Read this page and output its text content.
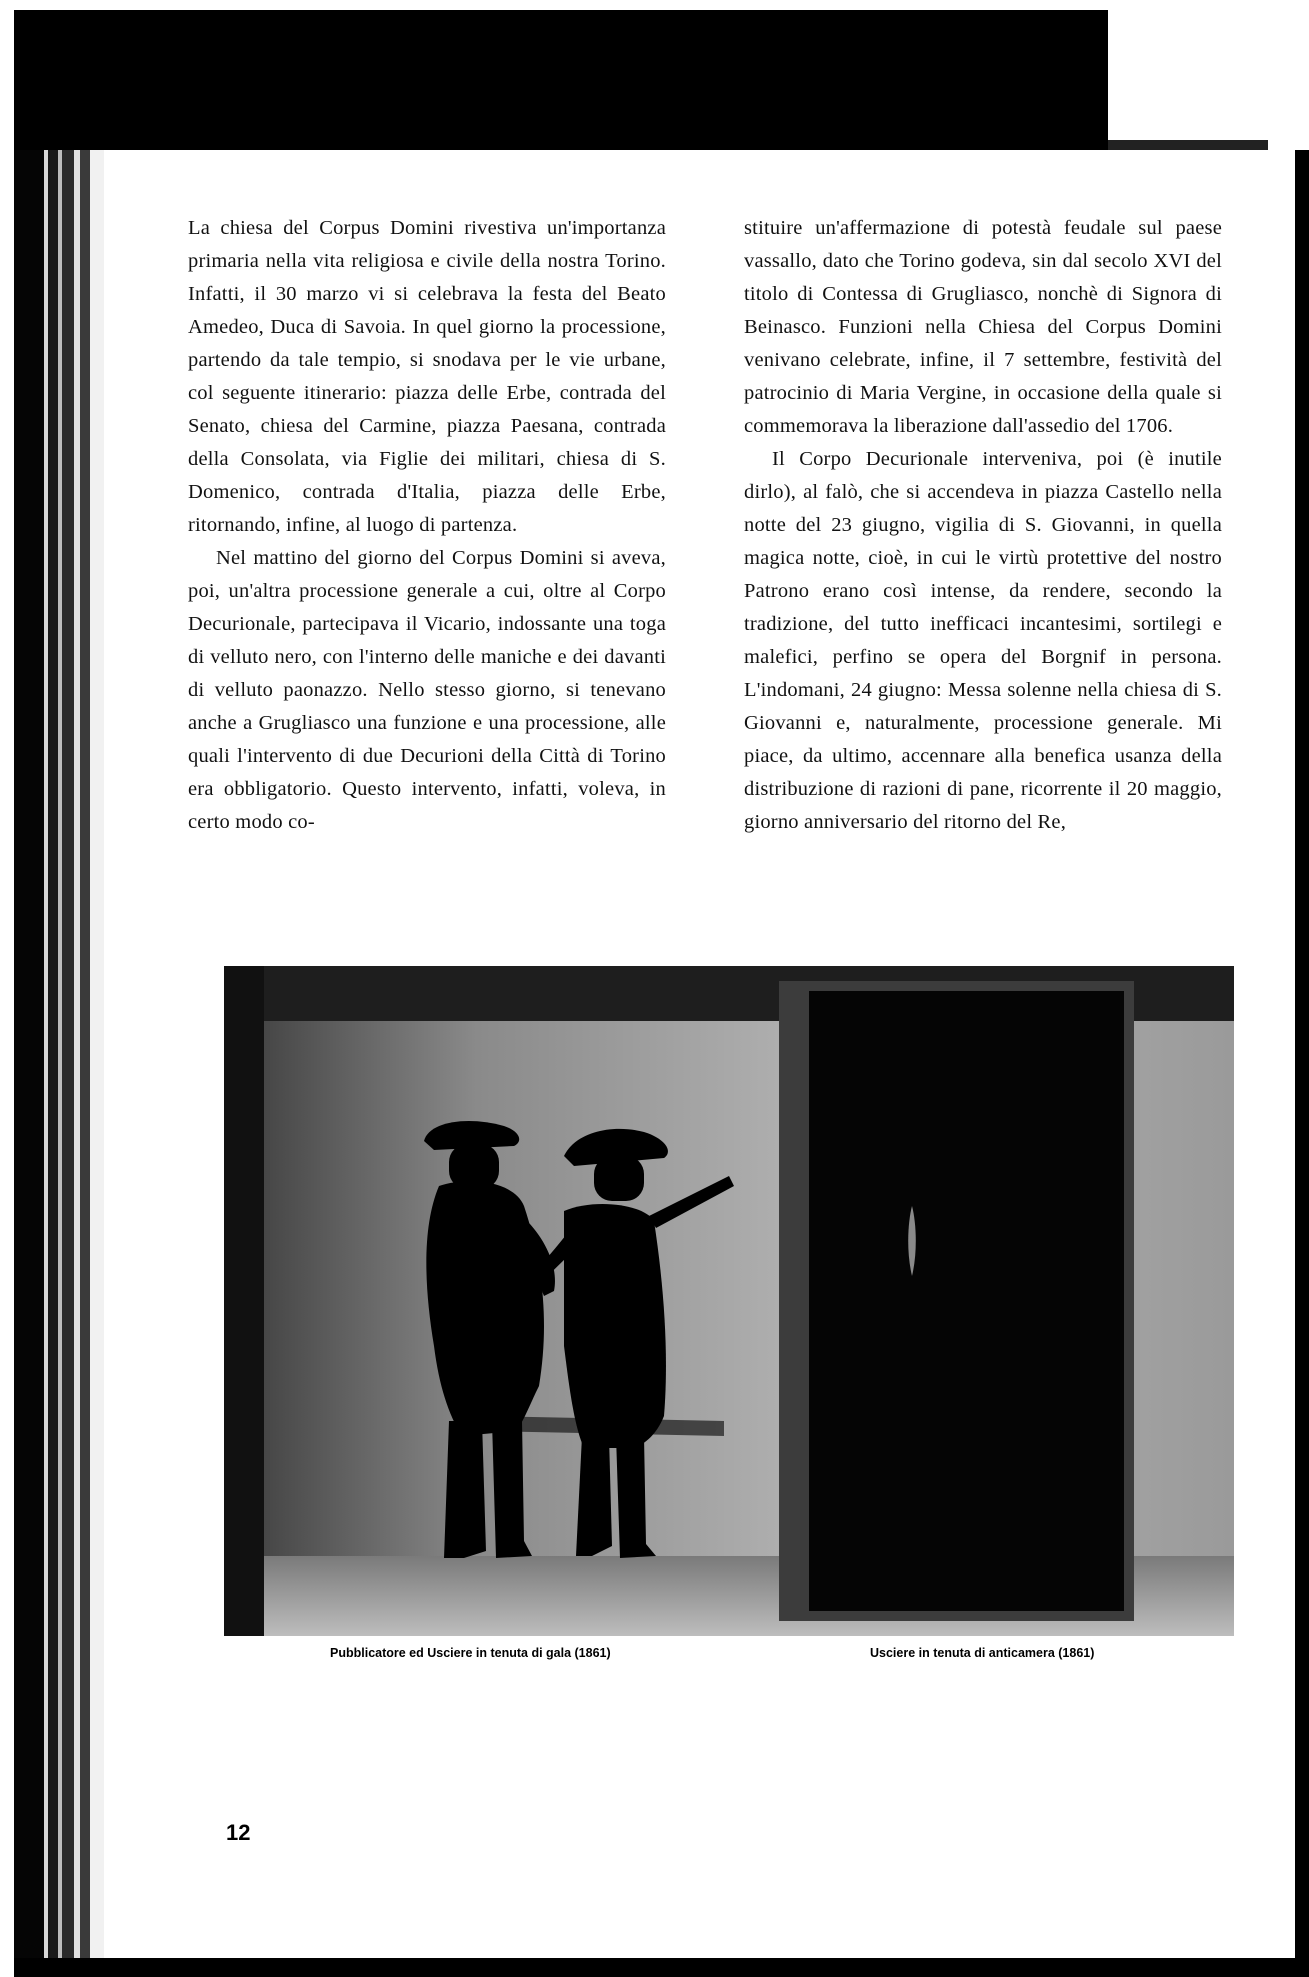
La chiesa del Corpus Domini rivestiva un'importanza primaria nella vita religiosa e civile della nostra Torino. Infatti, il 30 marzo vi si celebrava la festa del Beato Amedeo, Duca di Savoia. In quel giorno la processione, partendo da tale tempio, si snodava per le vie urbane, col seguente itinerario: piazza delle Erbe, contrada del Senato, chiesa del Carmine, piazza Paesana, contrada della Consolata, via Figlie dei militari, chiesa di S. Domenico, contrada d'Italia, piazza delle Erbe, ritornando, infine, al luogo di partenza.

Nel mattino del giorno del Corpus Domini si aveva, poi, un'altra processione generale a cui, oltre al Corpo Decurionale, partecipava il Vicario, indossante una toga di velluto nero, con l'interno delle maniche e dei davanti di velluto paonazzo. Nello stesso giorno, si tenevano anche a Grugliasco una funzione e una processione, alle quali l'intervento di due Decurioni della Città di Torino era obbligatorio. Questo intervento, infatti, voleva, in certo modo co-

stituire un'affermazione di potestà feudale sul paese vassallo, dato che Torino godeva, sin dal secolo XVI del titolo di Contessa di Grugliasco, nonchè di Signora di Beinasco. Funzioni nella Chiesa del Corpus Domini venivano celebrate, infine, il 7 settembre, festività del patrocinio di Maria Vergine, in occasione della quale si commemorava la liberazione dall'assedio del 1706.

Il Corpo Decurionale interveniva, poi (è inutile dirlo), al falò, che si accendeva in piazza Castello nella notte del 23 giugno, vigilia di S. Giovanni, in quella magica notte, cioè, in cui le virtù protettive del nostro Patrono erano così intense, da rendere, secondo la tradizione, del tutto inefficaci incantesimi, sortilegi e malefici, perfino se opera del Borgnif in persona. L'indomani, 24 giugno: Messa solenne nella chiesa di S. Giovanni e, naturalmente, processione generale. Mi piace, da ultimo, accennare alla benefica usanza della distribuzione di razioni di pane, ricorrente il 20 maggio, giorno anniversario del ritorno del Re,

Pubblicatore ed Usciere in tenuta di gala (1861)	Usciere in tenuta di anticamera (1861)
12
